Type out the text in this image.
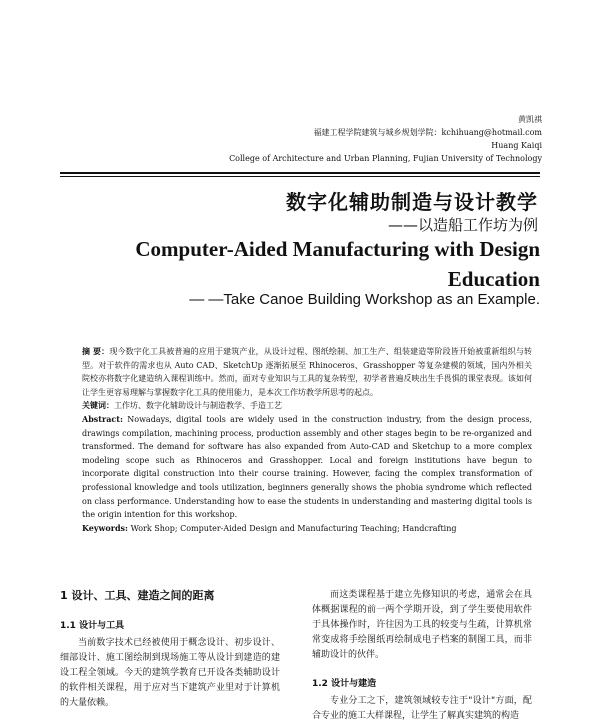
黄凯祺
福建工程学院建筑与城乡规划学院：kchihuang@hotmail.com
Huang Kaiqi
College of Architecture and Urban Planning, Fujian University of Technology
数字化辅助制造与设计教学
——以造船工作坊为例
Computer-Aided Manufacturing with Design Education
— —Take Canoe Building Workshop as an Example.

摘 要：现今数字化工具被普遍的应用于建筑产业，从设计过程、图纸绘制、加工生产、组装建造等阶段皆开始被重新组织与转型。对于软件的需求也从 Auto CAD、SketchUp 逐渐拓展至 Rhinoceros、Grasshopper 等复杂建模的领域，国内外相关院校亦将数字化建造纳入课程训练中。然而，面对专业知识与工具的复杂转型，初学者普遍反映出生手畏惧的课堂表现。该如何让学生更容易理解与掌握数字化工具的使用能力，是本次工作坊教学所思考的起点。

关键词：工作坊、数字化辅助设计与制造教学、手造工艺

Abstract: Nowadays, digital tools are widely used in the construction industry, from the design process, drawings compilation, machining process, production assembly and other stages begin to be re-organized and transformed. The demand for software has also expanded from Auto-CAD and Sketchup to a more complex modeling scope such as Rhinoceros and Grasshopper. Local and foreign institutions have begun to incorporate digital construction into their course training. However, facing the complex transformation of professional knowledge and tools utilization, beginners generally shows the phobia syndrome which reflected on class performance. Understanding how to ease the students in understanding and mastering digital tools is the origin intention for this workshop.

Keywords: Work Shop; Computer-Aided Design and Manufacturing Teaching; Handcrafting

1 设计、工具、建造之间的距离
1.1 设计与工具

当前数字技术已经被使用于概念设计、初步设计、细部设计、施工图绘制到现场施工等从设计到建造的建设工程全领域。今天的建筑学教育已开设各类辅助设计的软件相关课程，用于应对当下建筑产业里对于计算机的大量依赖。

而这类课程基于建立先修知识的考虑，通常会在具体概据课程的前一两个学期开设，到了学生要使用软件于具体操作时，许往因为工具的较变与生疏，计算机常常变成将手绘图纸再绘制成电子档案的制图工具，而非辅助设计的伙伴。

1.2 设计与建造

专业分工之下，建筑领域较专注于"设计"方面，配合专业的施工大样课程，让学生了解真实建筑的构造
